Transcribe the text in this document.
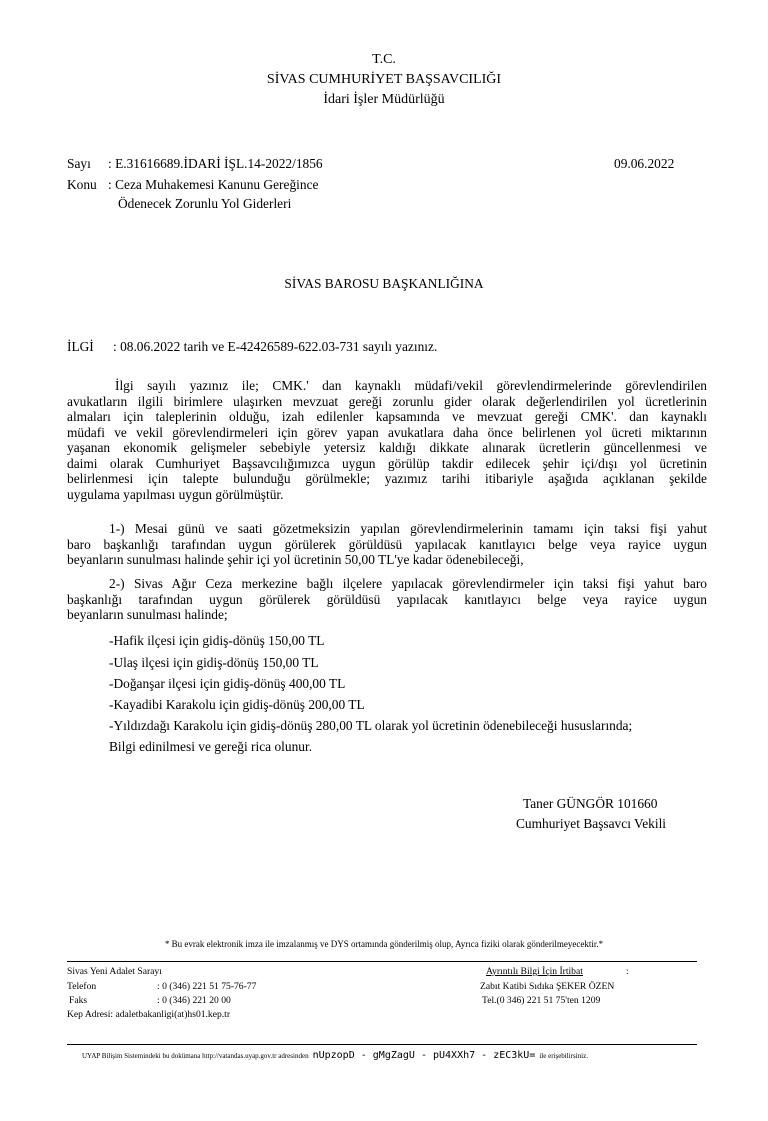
T.C.
SİVAS CUMHURİYET BAŞSAVCILIĞI
İdari İşler Müdürlüğü
Sayı : E.31616689.İDARİ İŞL.14-2022/1856	09.06.2022
Konu : Ceza Muhakemesi Kanunu Gereğince
Ödenecek Zorunlu Yol Giderleri
SİVAS BAROSU BAŞKANLIĞINA
İLGİ : 08.06.2022 tarih ve E-42426589-622.03-731 sayılı yazınız.
İlgi sayılı yazınız ile; CMK.' dan kaynaklı müdafi/vekil görevlendirmelerinde görevlendirilen
avukatların ilgili birimlere ulaşırken mevzuat gereği zorunlu gider olarak değerlendirilen yol ücretlerinin
almaları için taleplerinin olduğu, izah edilenler kapsamında ve mevzuat gereği CMK'. dan kaynaklı
müdafi ve vekil görevlendirmeleri için görev yapan avukatlara daha önce belirlenen yol ücreti miktarının
yaşanan ekonomik gelişmeler sebebiyle yetersiz kaldığı dikkate alınarak ücretlerin güncellenmesi ve
daimi olarak Cumhuriyet Başsavcılığımızca uygun görülüp takdir edilecek şehir içi/dışı yol ücretinin
belirlenmesi için talepte bulunduğu görülmekle; yazımız tarihi itibariyle aşağıda açıklanan şekilde
uygulama yapılması uygun görülmüştür.
1-) Mesai günü ve saati gözetmeksizin yapılan görevlendirmelerinin tamamı için taksi fişi yahut
baro başkanlığı tarafından uygun görülerek görüldüsü yapılacak kanıtlayıcı belge veya rayice uygun
beyanların sunulması halinde şehir içi yol ücretinin 50,00 TL'ye kadar ödenebileceği,
2-) Sivas Ağır Ceza merkezine bağlı ilçelere yapılacak görevlendirmeler için taksi fişi yahut baro
başkanlığı tarafından uygun görülerek görüldüsü yapılacak kanıtlayıcı belge veya rayice uygun
beyanların sunulması halinde;
-Hafik ilçesi için gidiş-dönüş 150,00 TL
-Ulaş ilçesi için gidiş-dönüş 150,00 TL
-Doğanşar ilçesi için gidiş-dönüş 400,00 TL
-Kayadibi Karakolu için gidiş-dönüş 200,00 TL
-Yıldızdağı Karakolu için gidiş-dönüş 280,00 TL olarak yol ücretinin ödenebileceği hususlarında;
Bilgi edinilmesi ve gereği rica olunur.
Taner GÜNGÖR 101660
Cumhuriyet Başsavcı Vekili
* Bu evrak elektronik imza ile imzalanmış ve DYS ortamında gönderilmiş olup, Ayrıca fiziki olarak gönderilmeyecektir.*
Sivas Yeni Adalet Sarayı
Telefon	: 0 (346) 221 51 75-76-77
Faks	: 0 (346) 221 20 00
Kep Adresi: adaletbakanligi(at)hs01.kep.tr
Ayrıntılı Bilgi İçin İrtibat	:
Zabıt Katibi Sıdıka ŞEKER ÖZEN
Tel.(0 346) 221 51 75'ten 1209
UYAP Bilişim Sistemindeki bu dokümana http://vatandas.uyap.gov.tr adresinden nUpzopD - gMgZagU - pU4XXh7 - zEC3kU= ile erişebilirsiniz.
